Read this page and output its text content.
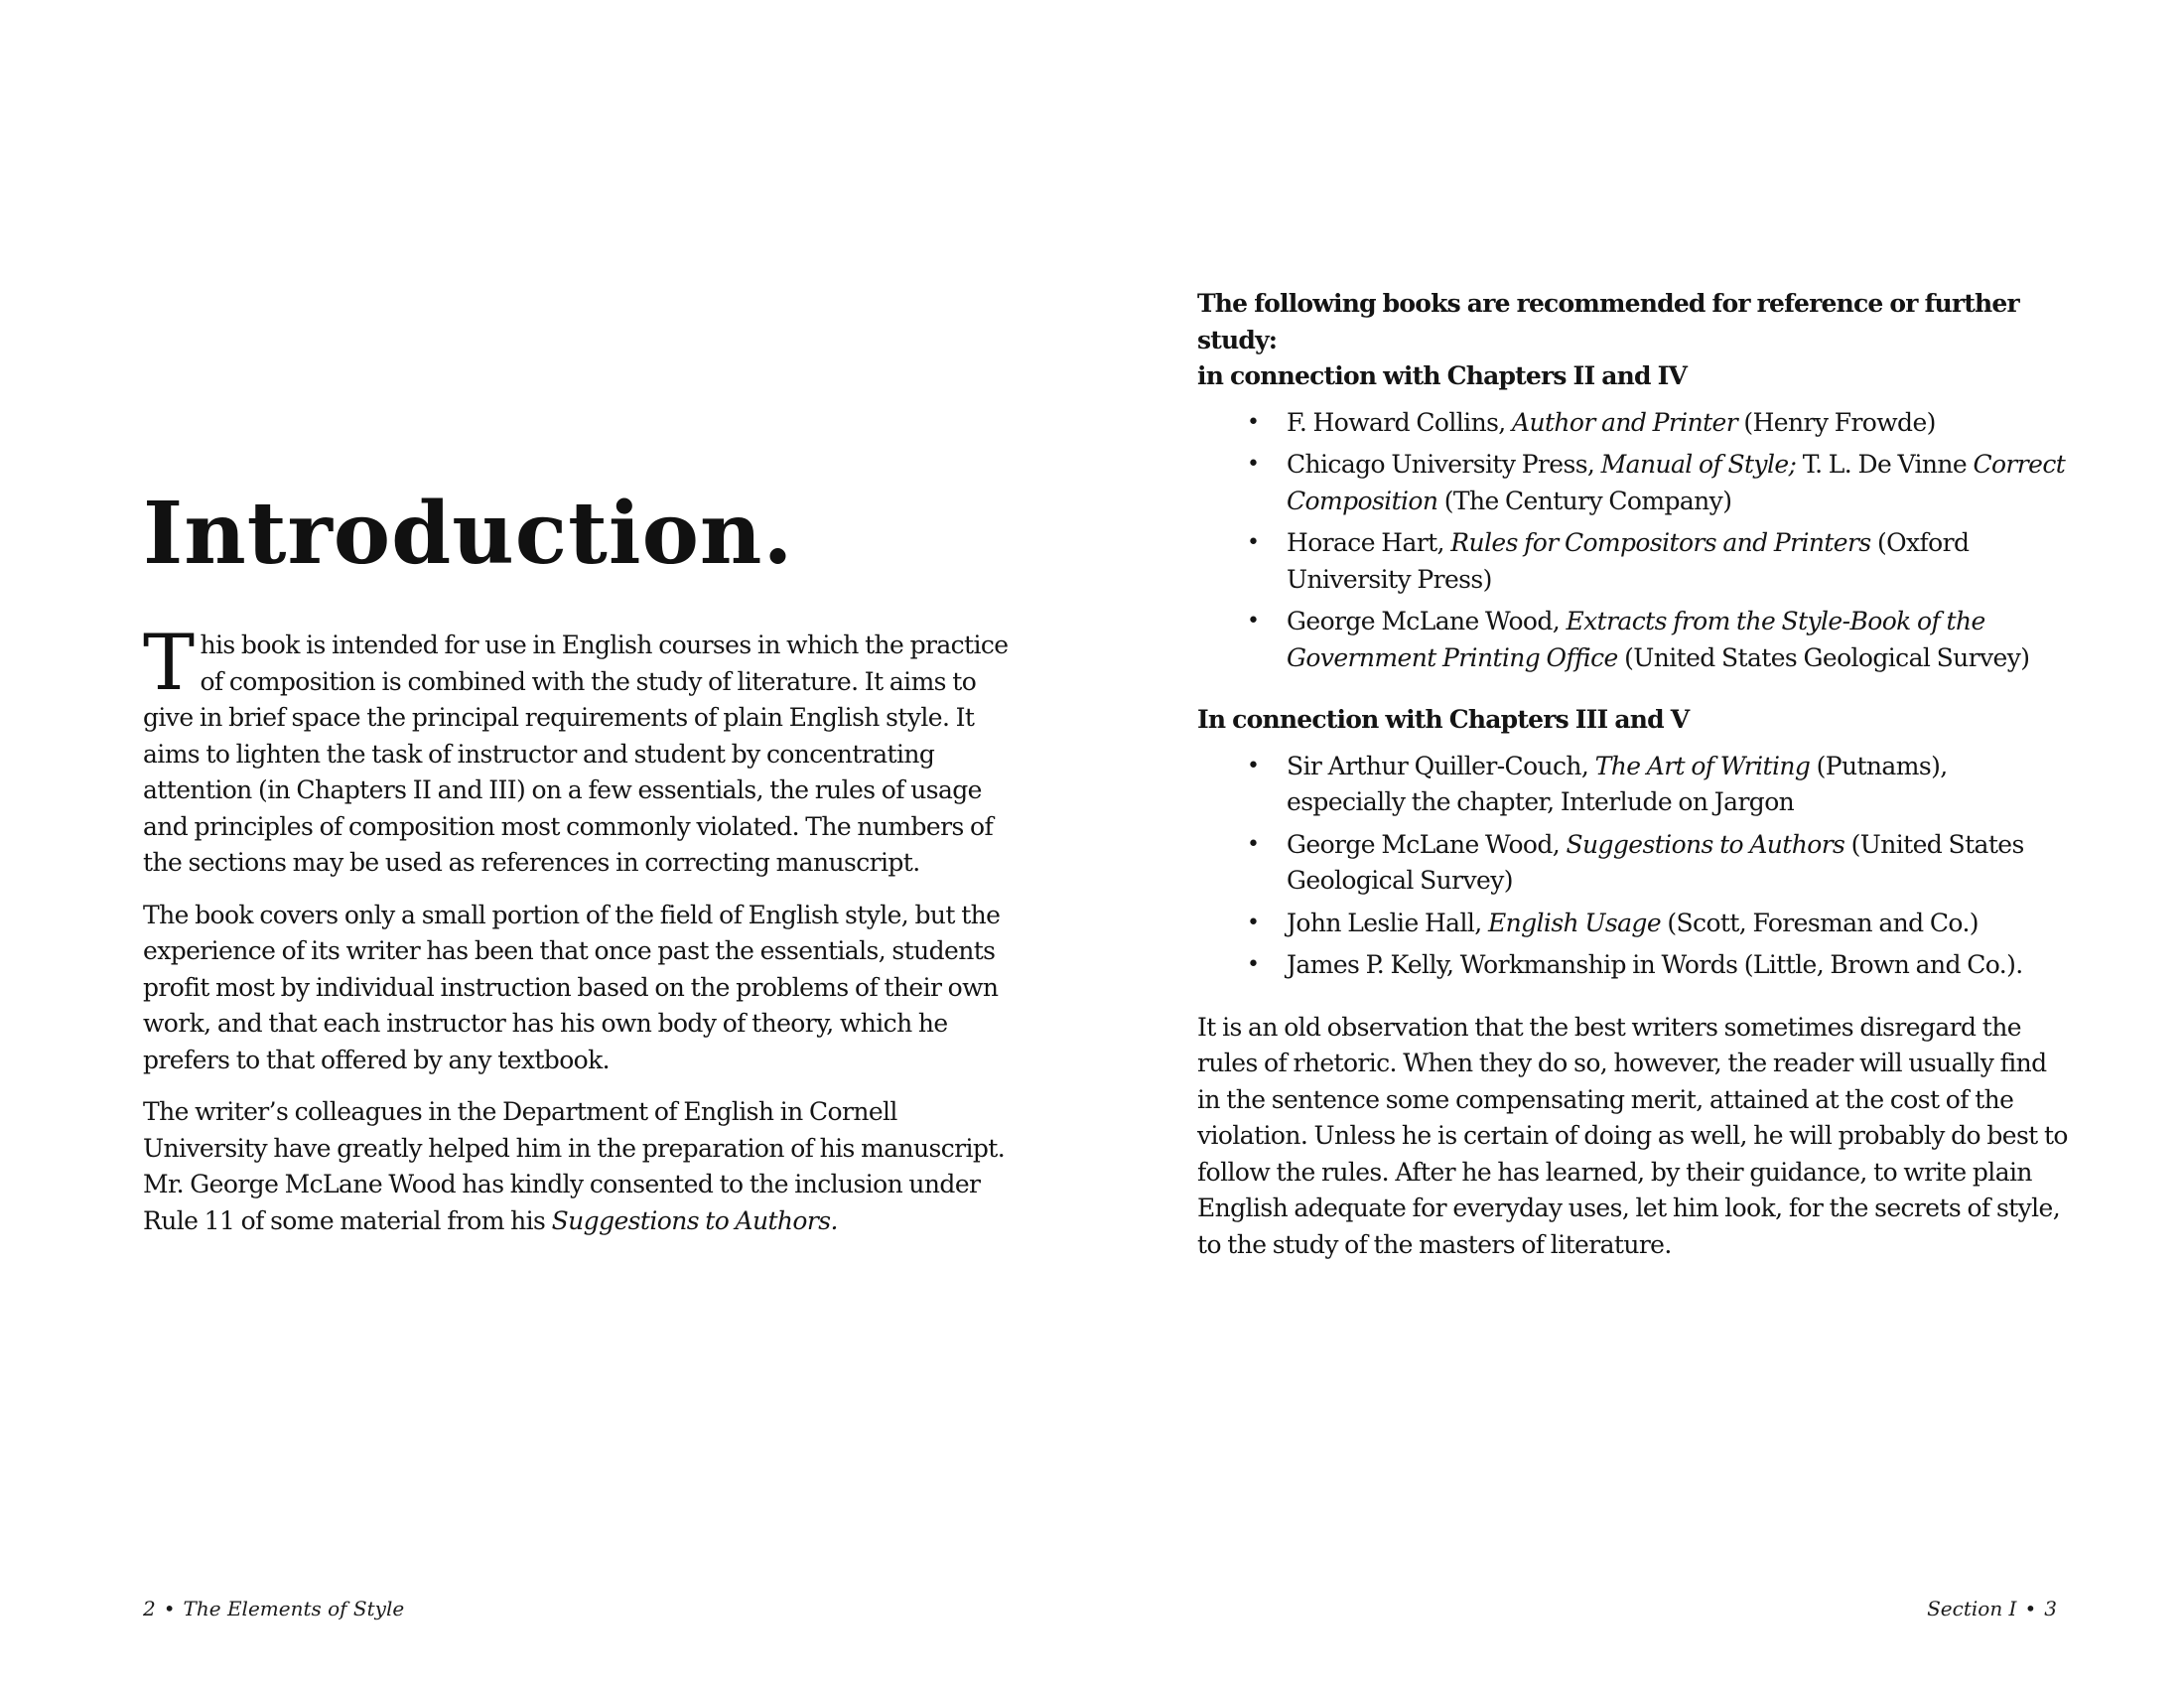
Introduction.

This book is intended for use in English courses in which the practice of composition is combined with the study of literature. It aims to give in brief space the principal requirements of plain English style. It aims to lighten the task of instructor and student by concentrating attention (in Chapters II and III) on a few essentials, the rules of usage and principles of composition most commonly violated. The numbers of the sections may be used as references in correcting manuscript.

The book covers only a small portion of the field of English style, but the experience of its writer has been that once past the essentials, students profit most by individual instruction based on the problems of their own work, and that each instructor has his own body of theory, which he prefers to that offered by any textbook.

The writer’s colleagues in the Department of English in Cornell University have greatly helped him in the preparation of his manuscript. Mr. George McLane Wood has kindly consented to the inclusion under Rule 11 of some material from his Suggestions to Authors.

2 • The Elements of Style
The following books are recommended for reference or further study:
in connection with Chapters II and IV
• F. Howard Collins, Author and Printer (Henry Frowde)
• Chicago University Press, Manual of Style; T. L. De Vinne Correct Composition (The Century Company)
• Horace Hart, Rules for Compositors and Printers (Oxford University Press)
• George McLane Wood, Extracts from the Style-Book of the Government Printing Office (United States Geological Survey)
In connection with Chapters III and V
• Sir Arthur Quiller-Couch, The Art of Writing (Putnams), especially the chapter, Interlude on Jargon
• George McLane Wood, Suggestions to Authors (United States Geological Survey)
• John Leslie Hall, English Usage (Scott, Foresman and Co.)
• James P. Kelly, Workmanship in Words (Little, Brown and Co.).

It is an old observation that the best writers sometimes disregard the rules of rhetoric. When they do so, however, the reader will usually find in the sentence some compensating merit, attained at the cost of the violation. Unless he is certain of doing as well, he will probably do best to follow the rules. After he has learned, by their guidance, to write plain English adequate for everyday uses, let him look, for the secrets of style, to the study of the masters of literature.

Section I • 3
